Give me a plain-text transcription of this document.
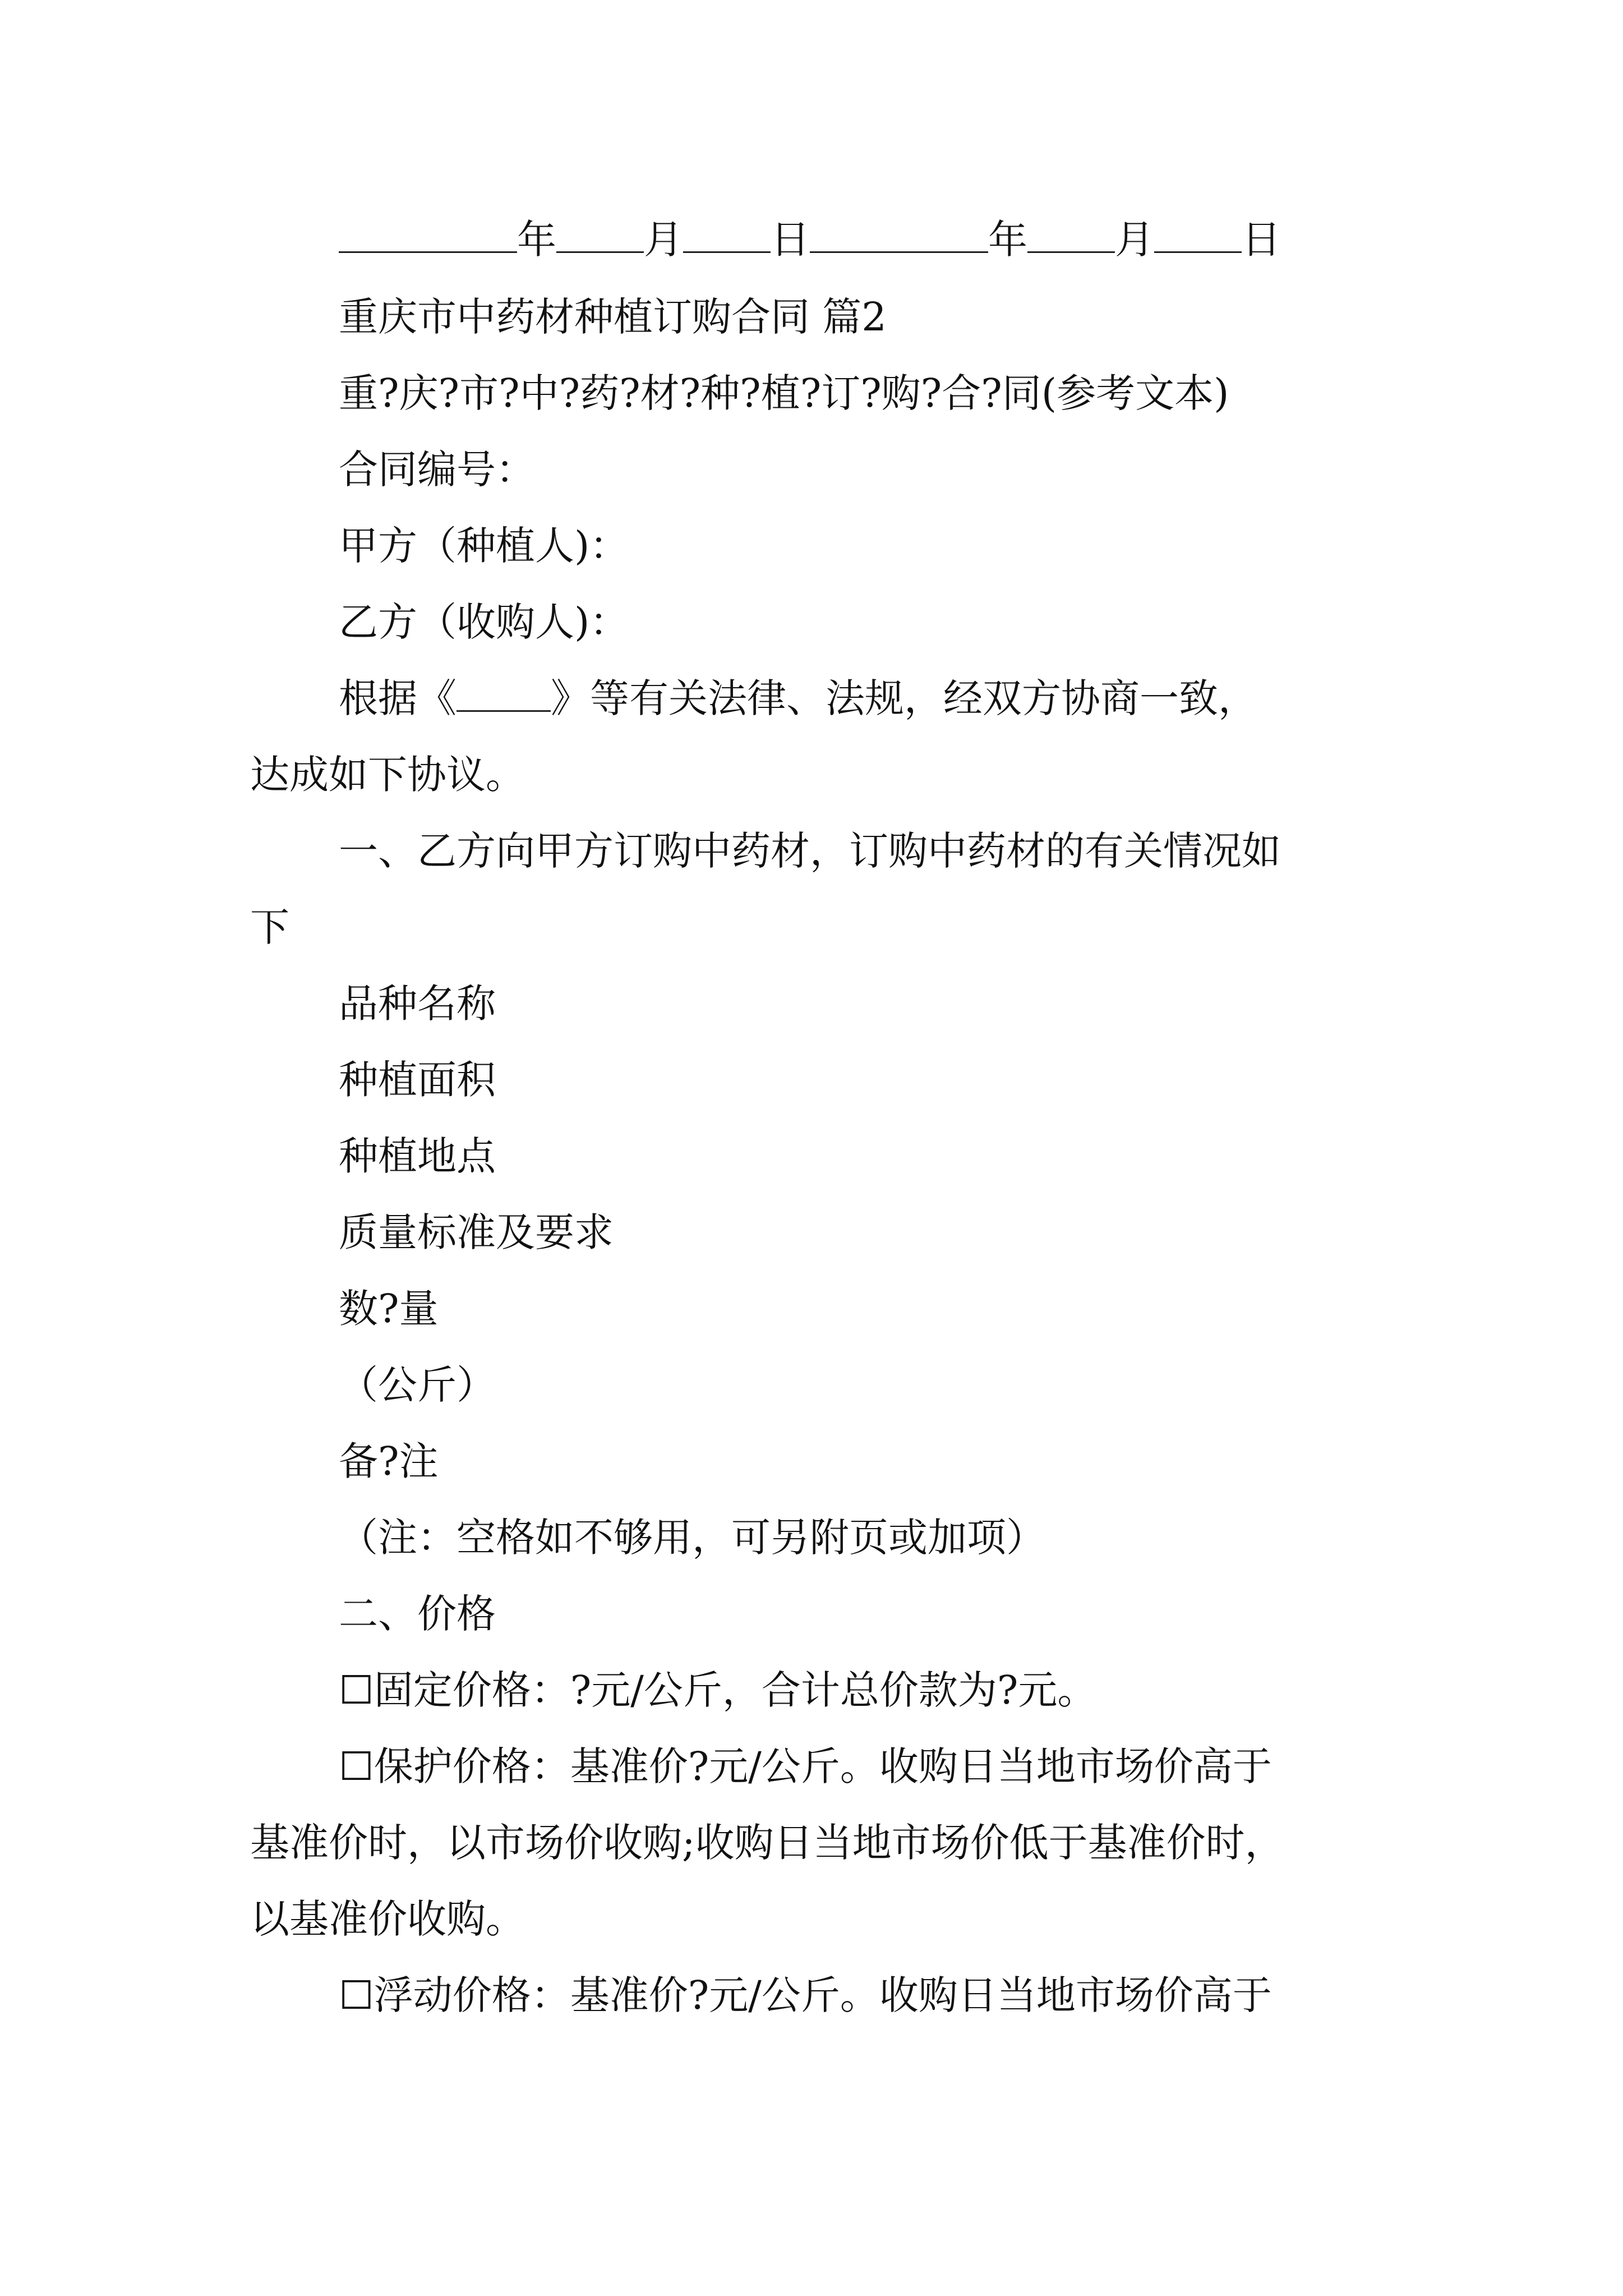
年 月 日	年 月 日
重庆市中药材种植订购合同 篇2
重?庆?市?中?药?材?种?植?订?购?合?同(参考文本)
合同编号：
甲方（种植人)：
乙方（收购人)：
根据《 》等有关法律、法规，经双方协商一致，
达成如下协议。
一、乙方向甲方订购中药材，订购中药材的有关情况如
下
品种名称
种植面积
种植地点
质量标准及要求
数?量
（公斤）
备?注
（注：空格如不够用，可另附页或加项）
二、价格
☐固定价格：?元/公斤，合计总价款为?元。
☐保护价格：基准价?元/公斤。收购日当地市场价高于
基准价时，以市场价收购;收购日当地市场价低于基准价时，
以基准价收购。
☐浮动价格：基准价?元/公斤。收购日当地市场价高于
